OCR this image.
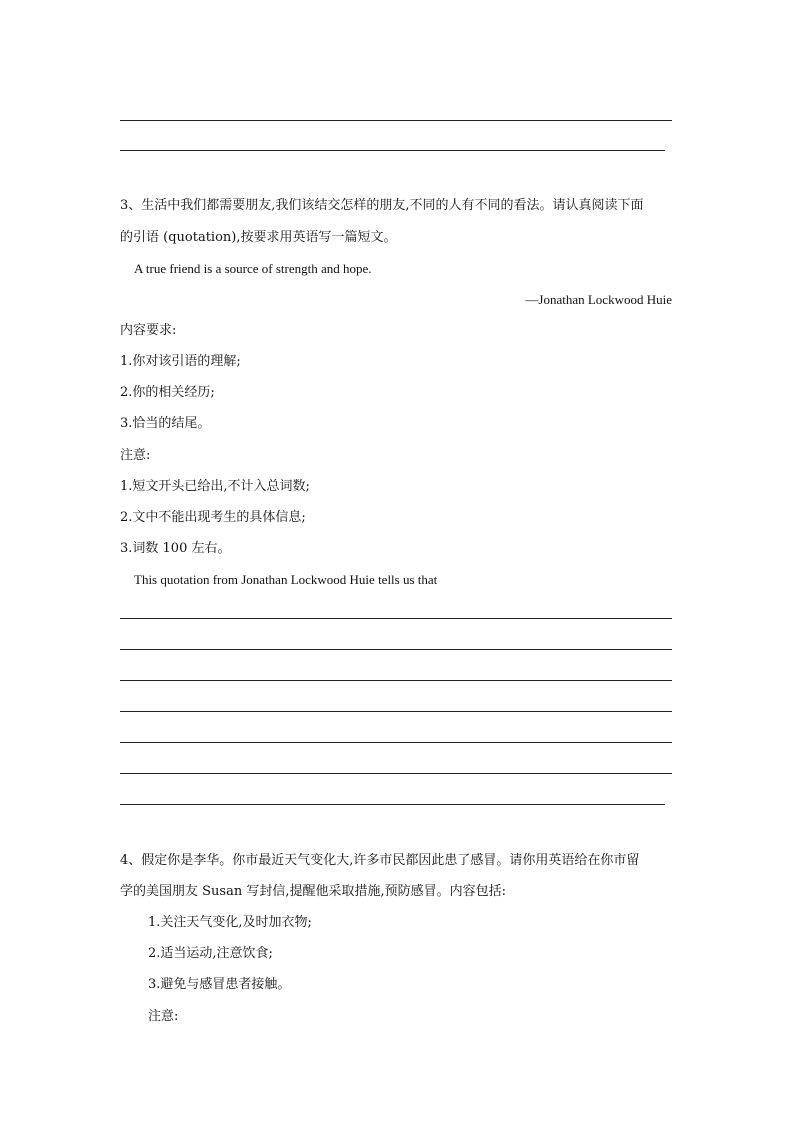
3、生活中我们都需要朋友,我们该结交怎样的朋友,不同的人有不同的看法。请认真阅读下面
的引语 (quotation),按要求用英语写一篇短文。
A true friend is a source of strength and hope.
—Jonathan Lockwood Huie
内容要求:
1.你对该引语的理解;
2.你的相关经历;
3.恰当的结尾。
注意:
1.短文开头已给出,不计入总词数;
2.文中不能出现考生的具体信息;
3.词数 100 左右。
This quotation from Jonathan Lockwood Huie tells us that
4、假定你是李华。你市最近天气变化大,许多市民都因此患了感冒。请你用英语给在你市留
学的美国朋友 Susan 写封信,提醒他采取措施,预防感冒。内容包括:
1.关注天气变化,及时加衣物;
2.适当运动,注意饮食;
3.避免与感冒患者接触。
注意:
